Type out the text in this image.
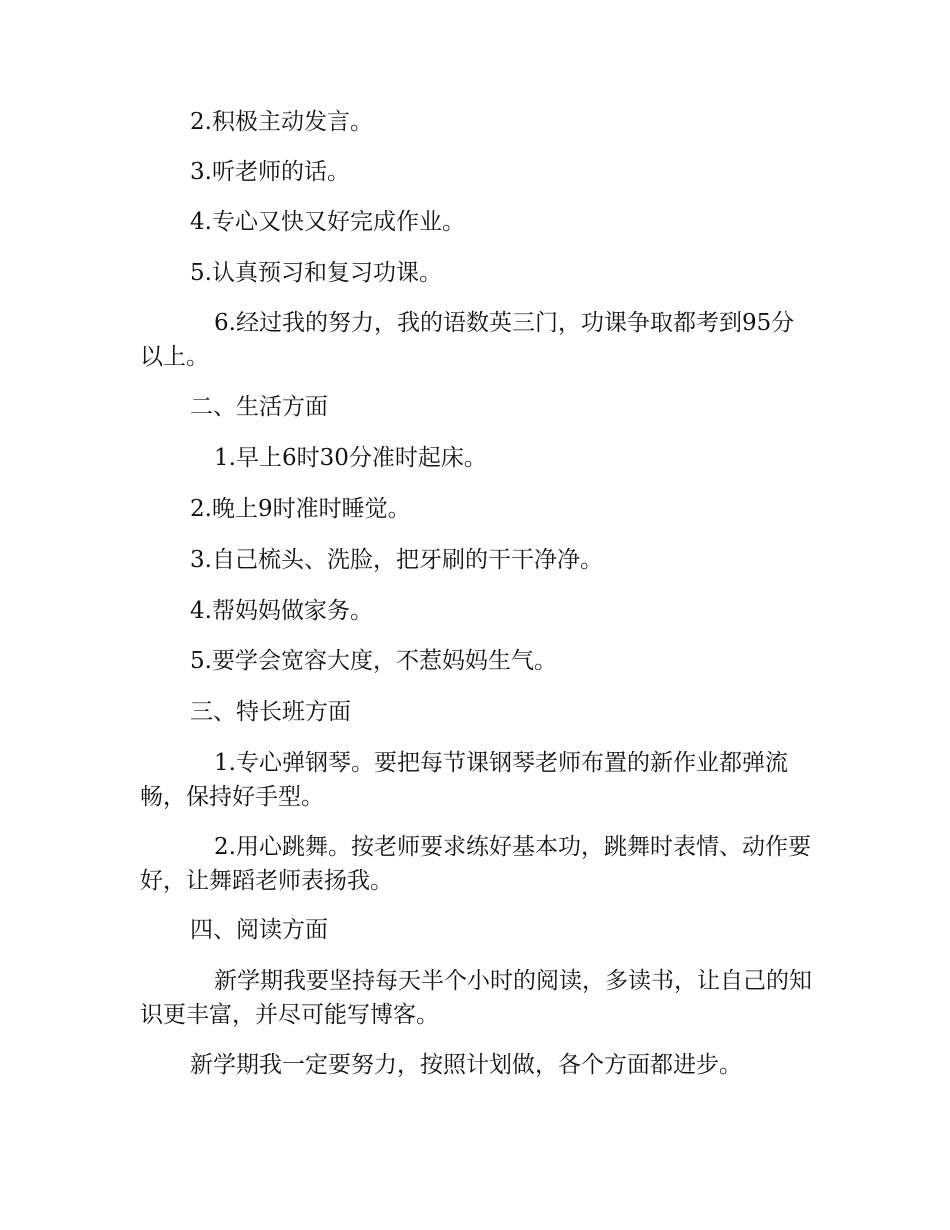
2.积极主动发言。

3.听老师的话。

4.专心又快又好完成作业。

5.认真预习和复习功课。

6.经过我的努力，我的语数英三门，功课争取都考到95分以上。

二、生活方面

1.早上6时30分准时起床。

2.晚上9时准时睡觉。

3.自己梳头、洗脸，把牙刷的干干净净。

4.帮妈妈做家务。

5.要学会宽容大度，不惹妈妈生气。

三、特长班方面

1.专心弹钢琴。要把每节课钢琴老师布置的新作业都弹流畅，保持好手型。

2.用心跳舞。按老师要求练好基本功，跳舞时表情、动作要好，让舞蹈老师表扬我。

四、阅读方面

新学期我要坚持每天半个小时的阅读，多读书，让自己的知识更丰富，并尽可能写博客。

新学期我一定要努力，按照计划做，各个方面都进步。
